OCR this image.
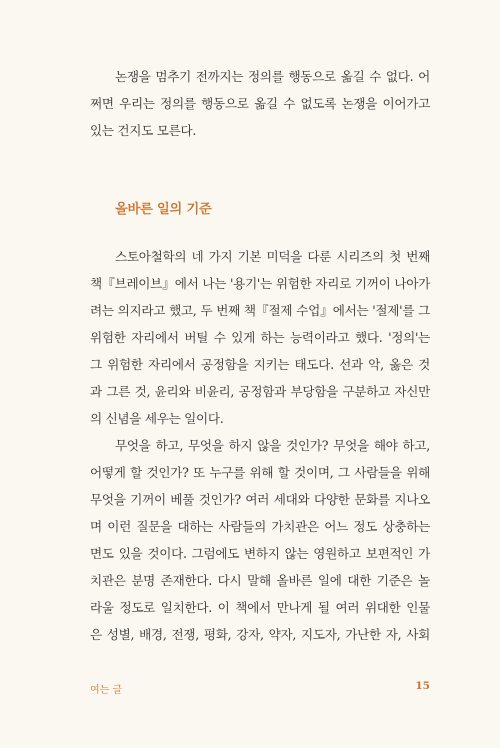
논쟁을 멈추기 전까지는 정의를 행동으로 옮길 수 없다. 어
쩌면 우리는 정의를 행동으로 옮길 수 없도록 논쟁을 이어가고
있는 건지도 모른다.
올바른 일의 기준
스토아철학의 네 가지 기본 미덕을 다룬 시리즈의 첫 번째
책『브레이브』에서 나는 '용기'는 위험한 자리로 기꺼이 나아가
려는 의지라고 했고, 두 번째 책『절제 수업』에서는 '절제'를 그
위험한 자리에서 버틸 수 있게 하는 능력이라고 했다. '정의'는
그 위험한 자리에서 공정함을 지키는 태도다. 선과 악, 옳은 것
과 그른 것, 윤리와 비윤리, 공정함과 부당함을 구분하고 자신만
의 신념을 세우는 일이다.
무엇을 하고, 무엇을 하지 않을 것인가? 무엇을 해야 하고,
어떻게 할 것인가? 또 누구를 위해 할 것이며, 그 사람들을 위해
무엇을 기꺼이 베풀 것인가? 여러 세대와 다양한 문화를 지나오
며 이런 질문을 대하는 사람들의 가치관은 어느 정도 상충하는
면도 있을 것이다. 그럼에도 변하지 않는 영원하고 보편적인 가
치관은 분명 존재한다. 다시 말해 올바른 일에 대한 기준은 놀
라울 정도로 일치한다. 이 책에서 만나게 될 여러 위대한 인물
은 성별, 배경, 전쟁, 평화, 강자, 약자, 지도자, 가난한 자, 사회
여는 글	15
